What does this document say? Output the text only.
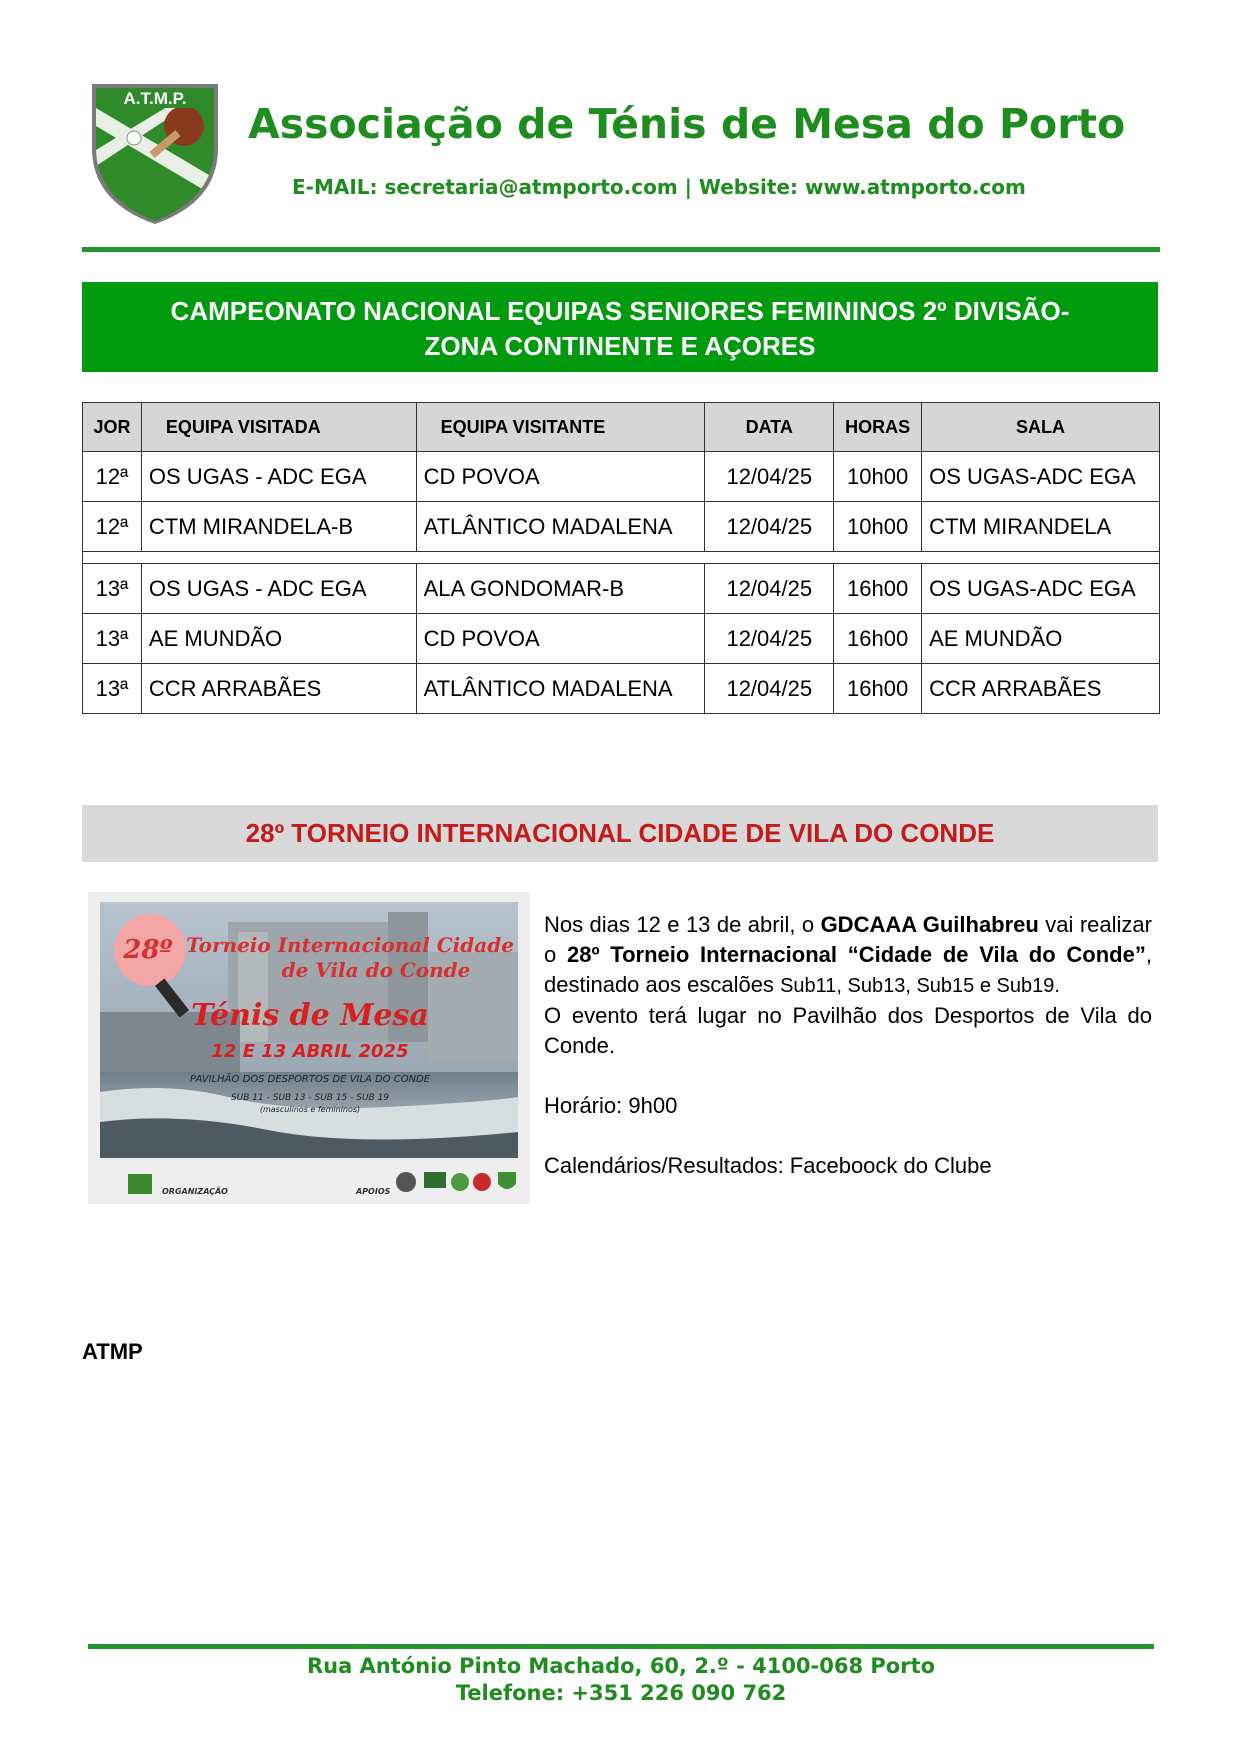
A.T.M.P.
Associação de Ténis de Mesa do Porto
E-MAIL: secretaria@atmporto.com | Website: www.atmporto.com
CAMPEONATO NACIONAL EQUIPAS SENIORES FEMININOS 2º DIVISÃO-
ZONA CONTINENTE E AÇORES
JOR	EQUIPA VISITADA	EQUIPA VISITANTE	DATA	HORAS	SALA
12ª	OS UGAS - ADC EGA	CD POVOA	12/04/25	10h00	OS UGAS-ADC EGA
12ª	CTM MIRANDELA-B	ATLÂNTICO MADALENA	12/04/25	10h00	CTM MIRANDELA

13ª	OS UGAS - ADC EGA	ALA GONDOMAR-B	12/04/25	16h00	OS UGAS-ADC EGA
13ª	AE MUNDÃO	CD POVOA	12/04/25	16h00	AE MUNDÃO
13ª	CCR ARRABÃES	ATLÂNTICO MADALENA	12/04/25	16h00	CCR ARRABÃES
28º TORNEIO INTERNACIONAL CIDADE DE VILA DO CONDE
28º Torneio Internacional Cidade
de Vila do Conde
Ténis de Mesa
12 E 13 ABRIL 2025
PAVILHÃO DOS DESPORTOS DE VILA DO CONDE
SUB 11 - SUB 13 - SUB 15 - SUB 19
(masculinos e femininos)
ORGANIZAÇÃO	APOIOS

Nos dias 12 e 13 de abril, o GDCAAA Guilhabreu vai realizar o 28º Torneio Internacional “Cidade de Vila do Conde”, destinado aos escalões Sub11, Sub13, Sub15 e Sub19.

O evento terá lugar no Pavilhão dos Desportos de Vila do Conde.

Horário: 9h00

Calendários/Resultados: Faceboock do Clube

ATMP
Rua António Pinto Machado, 60, 2.º - 4100-068 Porto
Telefone: +351 226 090 762
